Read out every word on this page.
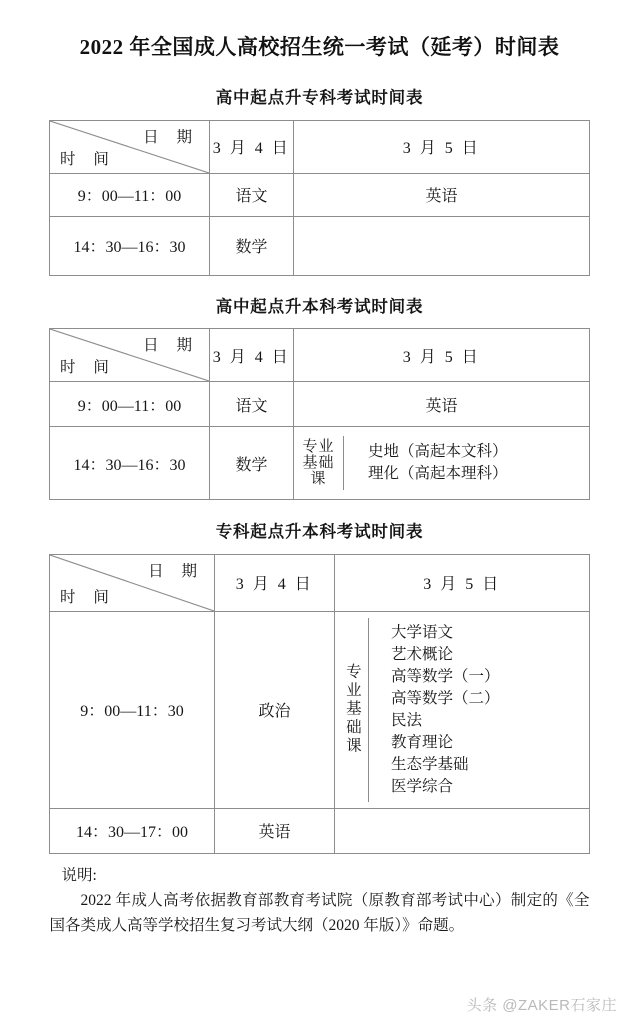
2022 年全国成人高校招生统一考试（延考）时间表
高中起点升专科考试时间表
日 期
时 间	3 月 4 日	3 月 5 日
9：00—11：00	语文	英语
14：30—16：30	数学	
高中起点升本科考试时间表
日 期
时 间	3 月 4 日	3 月 5 日
9：00—11：00	语文	英语
14：30—16：30	数学	专业
基础
课
史地（高起本文科）
理化（高起本理科）
专科起点升本科考试时间表
日 期
时 间	3 月 4 日	3 月 5 日
9：00—11：30	政治	专业基础课
大学语文
艺术概论
高等数学（一）
高等数学（二）
民法
教育理论
生态学基础
医学综合

14：30—17：00	英语	
说明:
2022 年成人高考依据教育部教育考试院（原教育部考试中心）制定的《全国各类成人高等学校招生复习考试大纲（2020 年版）》命题。
头条 @ZAKER石家庄
